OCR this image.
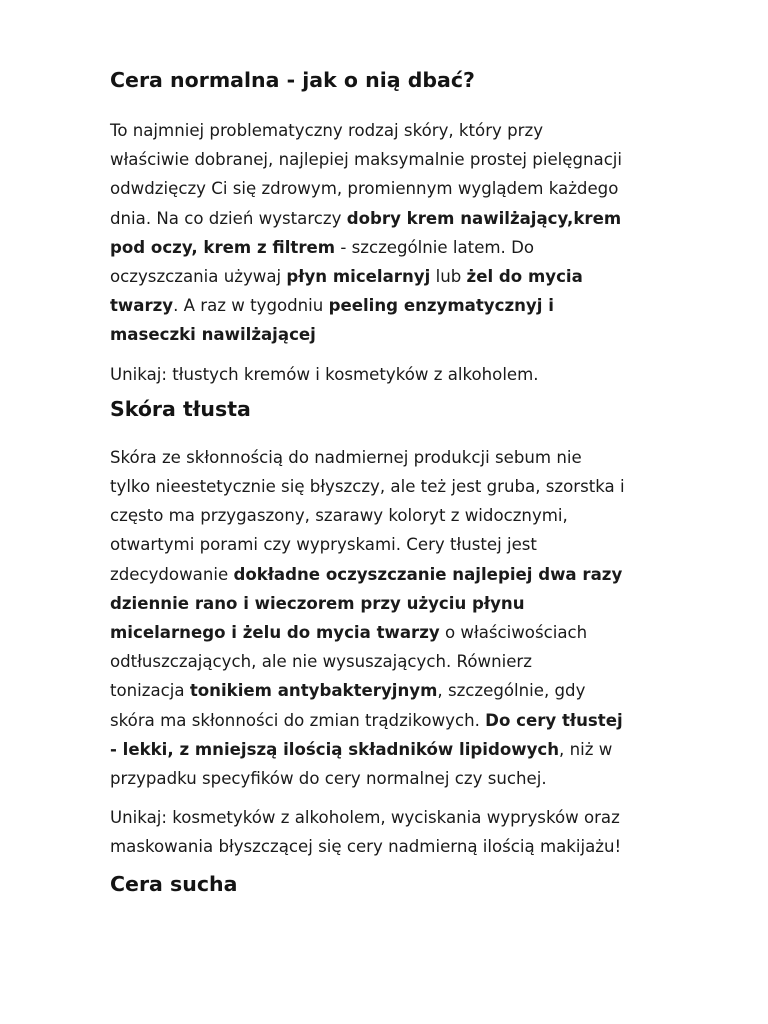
Cera normalna - jak o nią dbać?

To najmniej problematyczny rodzaj skóry, który przy
właściwie dobranej, najlepiej maksymalnie prostej pielęgnacji
odwdzięczy Ci się zdrowym, promiennym wyglądem każdego
dnia. Na co dzień wystarczy dobry krem nawilżający,krem
pod oczy, krem z filtrem - szczególnie latem. Do
oczyszczania używaj płyn micelarnyj lub żel do mycia
twarzy. A raz w tygodniu peeling enzymatycznyj i
maseczki nawilżającej

Unikaj: tłustych kremów i kosmetyków z alkoholem.

Skóra tłusta

Skóra ze skłonnością do nadmiernej produkcji sebum nie
tylko nieestetycznie się błyszczy, ale też jest gruba, szorstka i
często ma przygaszony, szarawy koloryt z widocznymi,
otwartymi porami czy wypryskami. Cery tłustej jest
zdecydowanie dokładne oczyszczanie najlepiej dwa razy
dziennie rano i wieczorem przy użyciu płynu
micelarnego i żelu do mycia twarzy o właściwościach
odtłuszczających, ale nie wysuszających. Równierz
tonizacja tonikiem antybakteryjnym, szczególnie, gdy
skóra ma skłonności do zmian trądzikowych. Do cery tłustej
- lekki, z mniejszą ilością składników lipidowych, niż w
przypadku specyfików do cery normalnej czy suchej.

Unikaj: kosmetyków z alkoholem, wyciskania wyprysków oraz
maskowania błyszczącej się cery nadmierną ilością makijażu!

Cera sucha
